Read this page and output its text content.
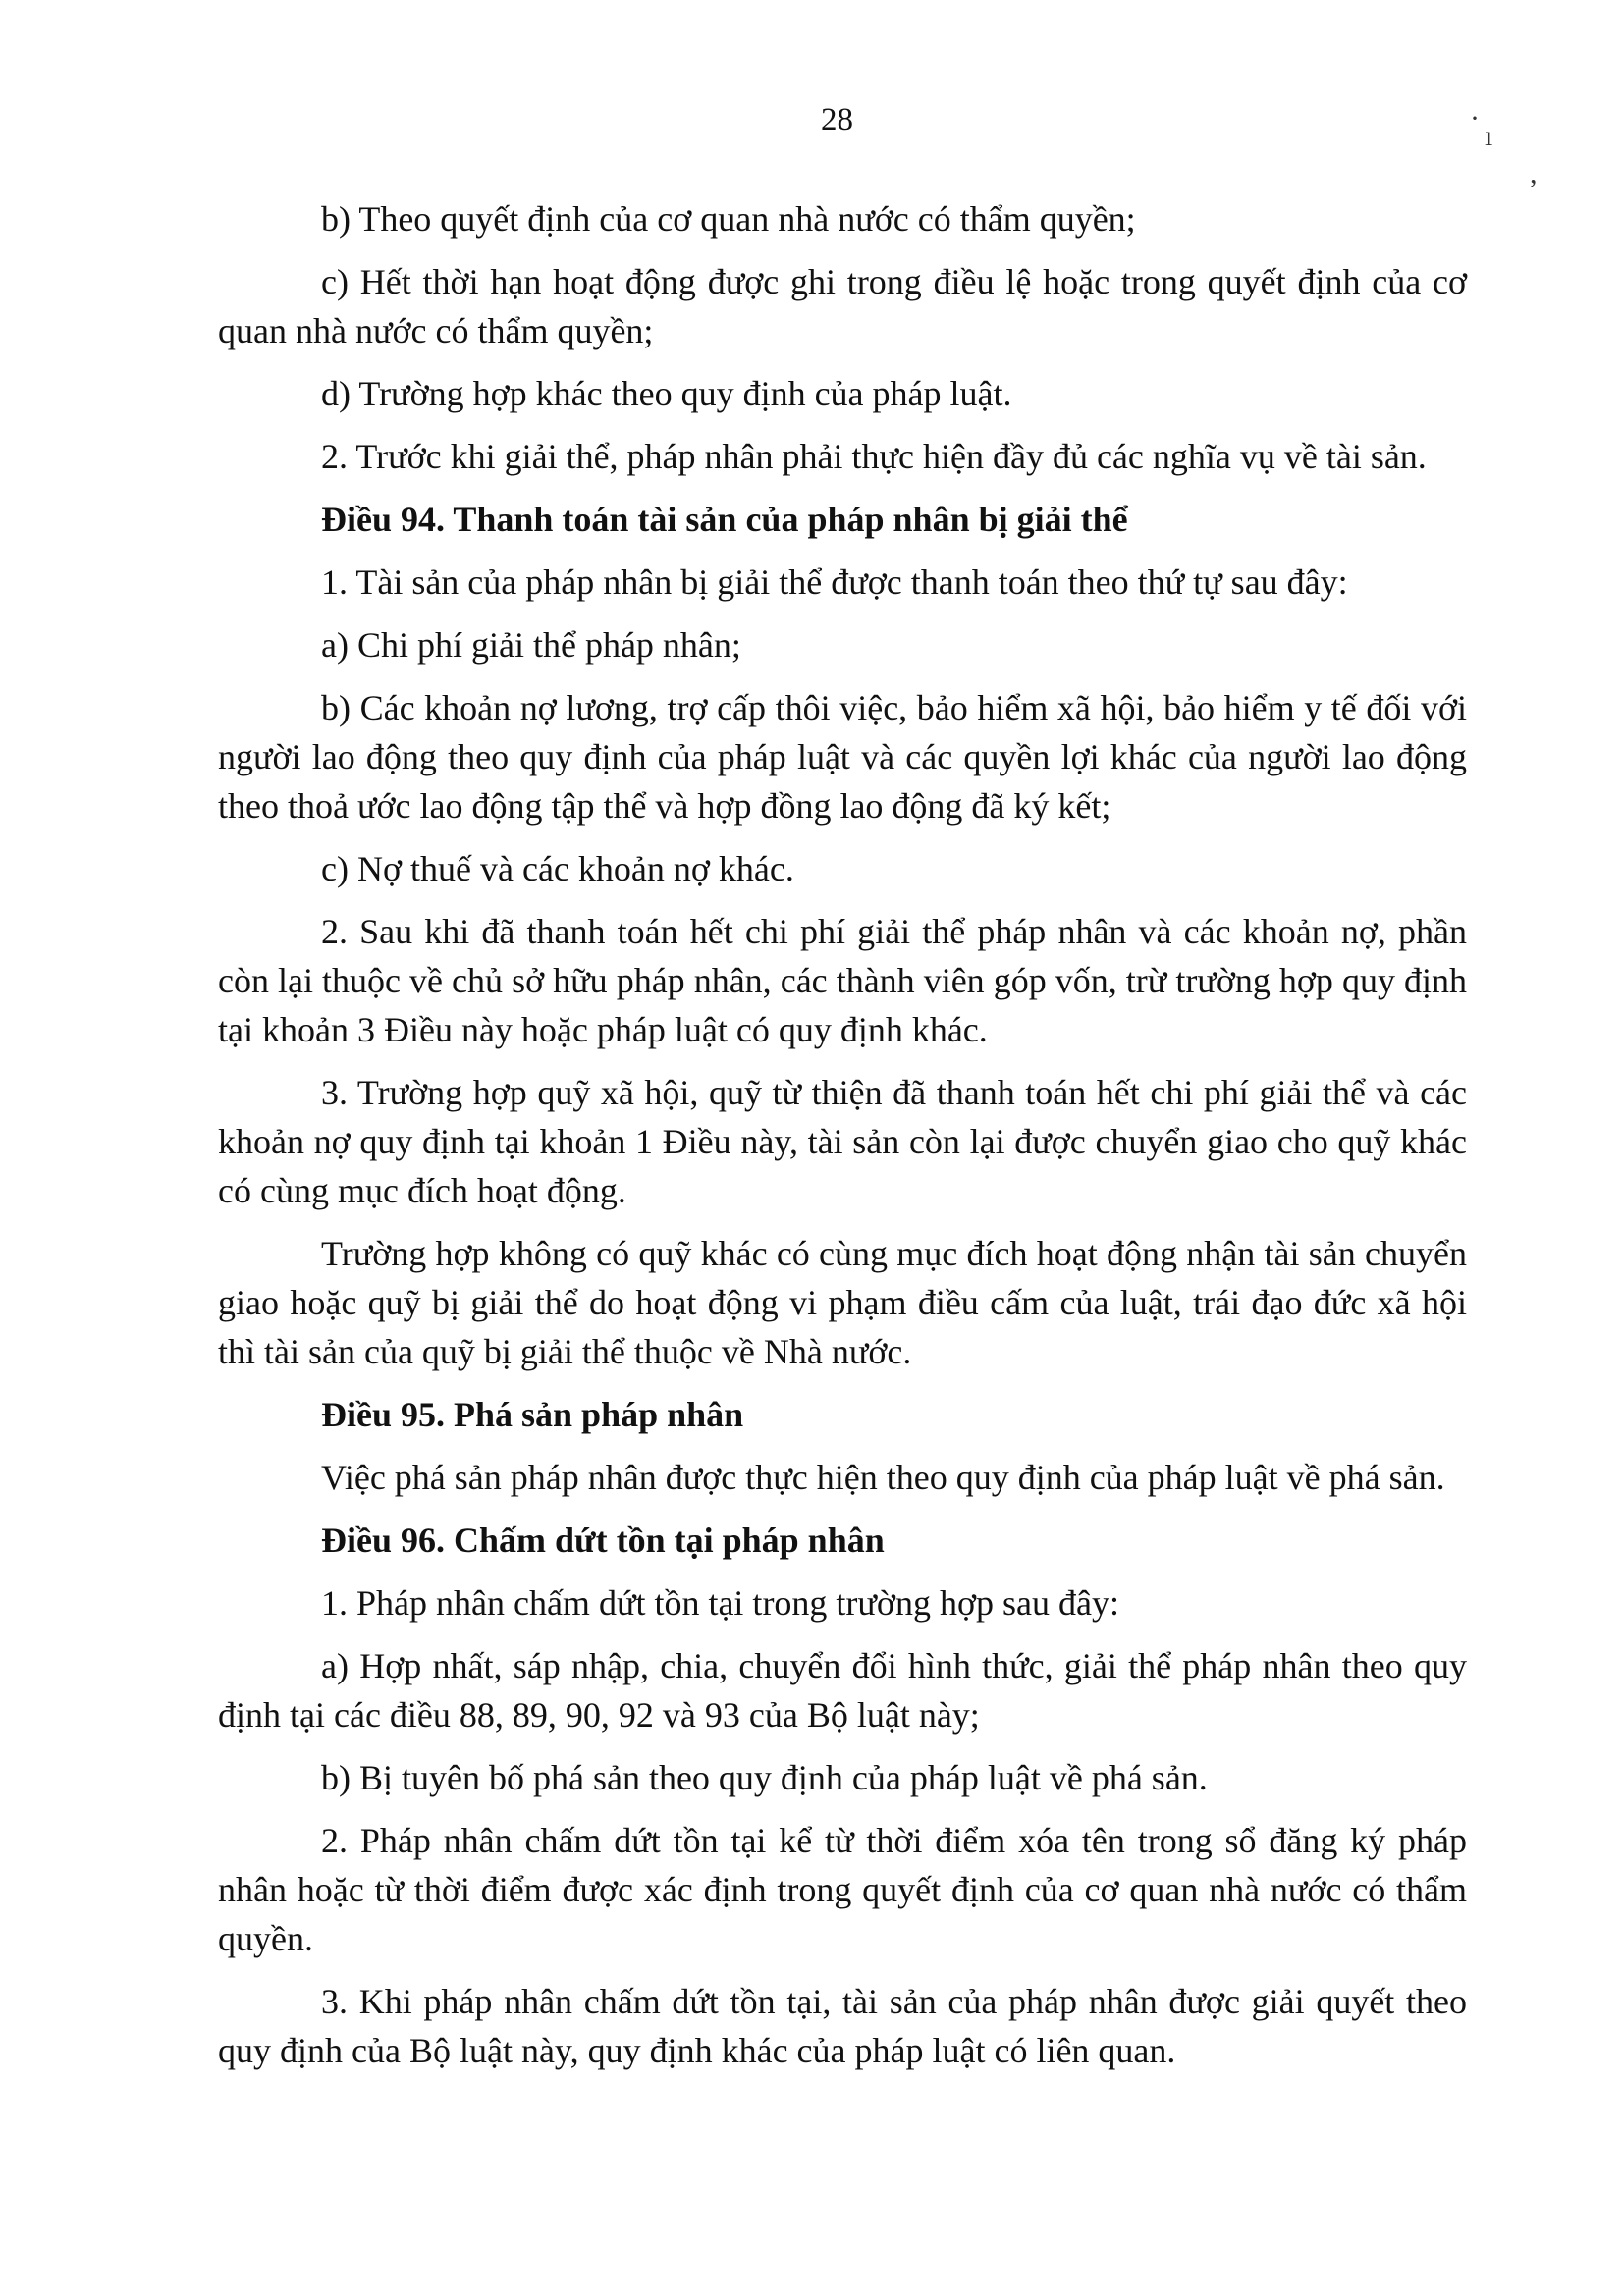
28	·
ı
,

b) Theo quyết định của cơ quan nhà nước có thẩm quyền;

c) Hết thời hạn hoạt động được ghi trong điều lệ hoặc trong quyết định của cơ quan nhà nước có thẩm quyền;

d) Trường hợp khác theo quy định của pháp luật.

2. Trước khi giải thể, pháp nhân phải thực hiện đầy đủ các nghĩa vụ về tài sản.

Điều 94. Thanh toán tài sản của pháp nhân bị giải thể

1. Tài sản của pháp nhân bị giải thể được thanh toán theo thứ tự sau đây:

a) Chi phí giải thể pháp nhân;

b) Các khoản nợ lương, trợ cấp thôi việc, bảo hiểm xã hội, bảo hiểm y tế đối với người lao động theo quy định của pháp luật và các quyền lợi khác của người lao động theo thoả ước lao động tập thể và hợp đồng lao động đã ký kết;

c) Nợ thuế và các khoản nợ khác.

2. Sau khi đã thanh toán hết chi phí giải thể pháp nhân và các khoản nợ, phần còn lại thuộc về chủ sở hữu pháp nhân, các thành viên góp vốn, trừ trường hợp quy định tại khoản 3 Điều này hoặc pháp luật có quy định khác.

3. Trường hợp quỹ xã hội, quỹ từ thiện đã thanh toán hết chi phí giải thể và các khoản nợ quy định tại khoản 1 Điều này, tài sản còn lại được chuyển giao cho quỹ khác có cùng mục đích hoạt động.

Trường hợp không có quỹ khác có cùng mục đích hoạt động nhận tài sản chuyển giao hoặc quỹ bị giải thể do hoạt động vi phạm điều cấm của luật, trái đạo đức xã hội thì tài sản của quỹ bị giải thể thuộc về Nhà nước.

Điều 95. Phá sản pháp nhân

Việc phá sản pháp nhân được thực hiện theo quy định của pháp luật về phá sản.

Điều 96. Chấm dứt tồn tại pháp nhân

1. Pháp nhân chấm dứt tồn tại trong trường hợp sau đây:

a) Hợp nhất, sáp nhập, chia, chuyển đổi hình thức, giải thể pháp nhân theo quy định tại các điều 88, 89, 90, 92 và 93 của Bộ luật này;

b) Bị tuyên bố phá sản theo quy định của pháp luật về phá sản.

2. Pháp nhân chấm dứt tồn tại kể từ thời điểm xóa tên trong sổ đăng ký pháp nhân hoặc từ thời điểm được xác định trong quyết định của cơ quan nhà nước có thẩm quyền.

3. Khi pháp nhân chấm dứt tồn tại, tài sản của pháp nhân được giải quyết theo quy định của Bộ luật này, quy định khác của pháp luật có liên quan.
